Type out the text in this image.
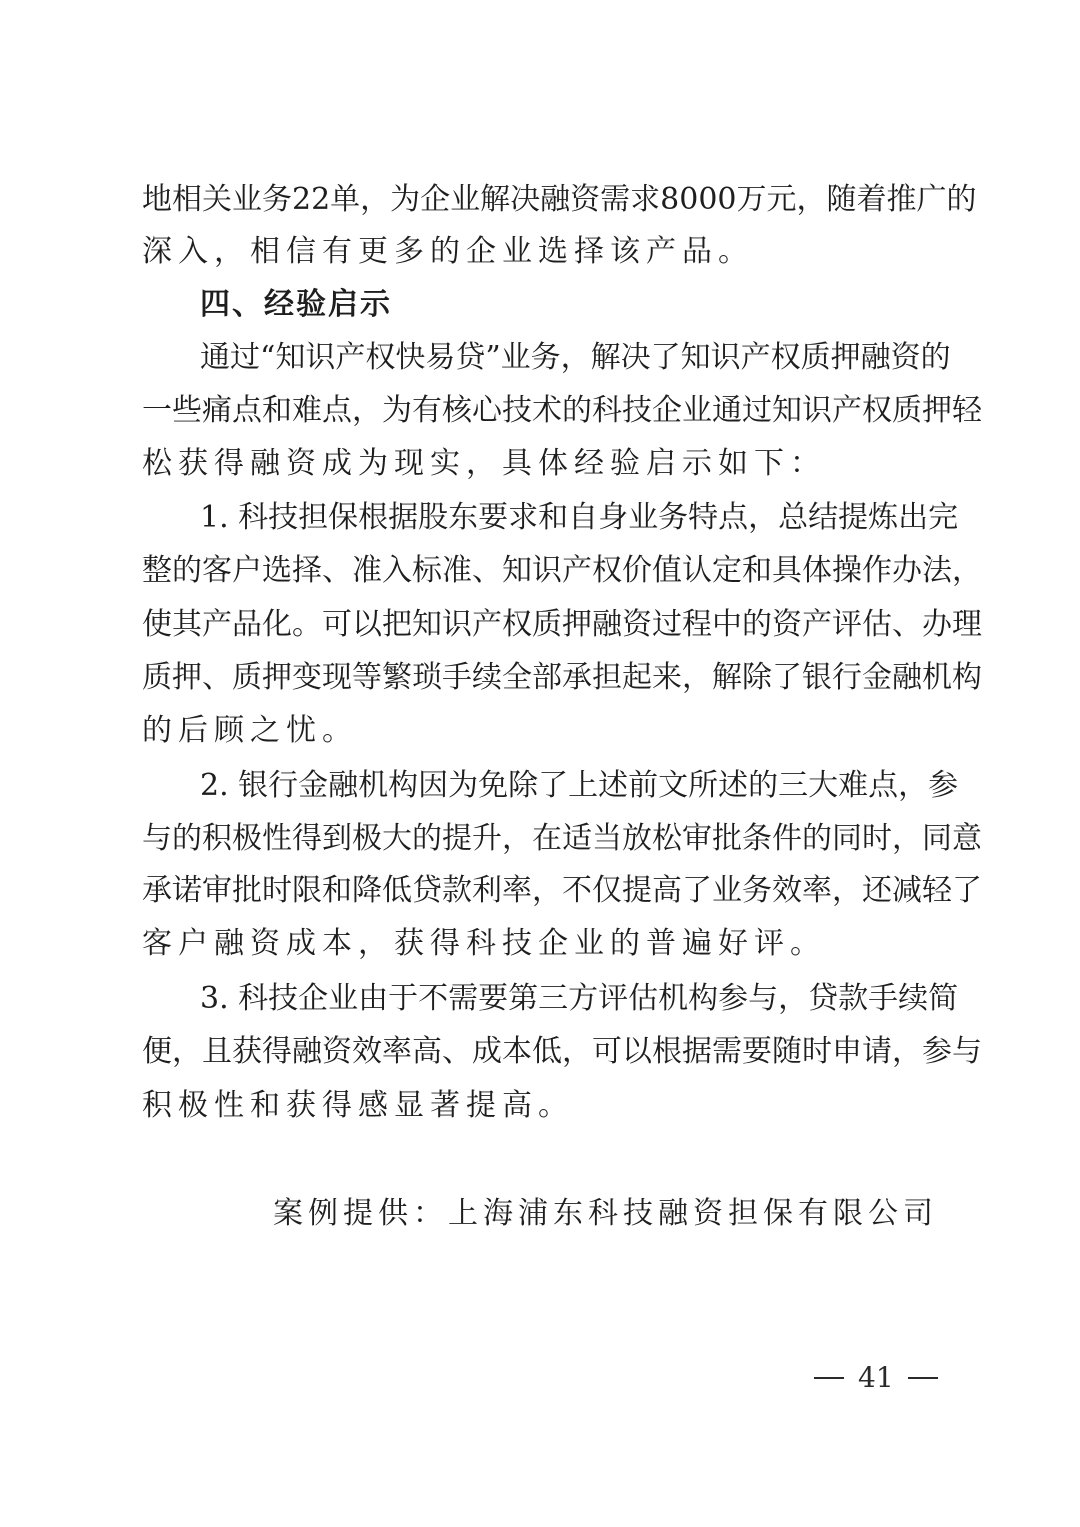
地相关业务22单，为企业解决融资需求8000万元，随着推广的
深入，相信有更多的企业选择该产品。
四、经验启示
通过“知识产权快易贷”业务，解决了知识产权质押融资的
一些痛点和难点，为有核心技术的科技企业通过知识产权质押轻
松获得融资成为现实，具体经验启示如下：
1. 科技担保根据股东要求和自身业务特点，总结提炼出完
整的客户选择、准入标准、知识产权价值认定和具体操作办法，
使其产品化。可以把知识产权质押融资过程中的资产评估、办理
质押、质押变现等繁琐手续全部承担起来，解除了银行金融机构
的后顾之忧。
2. 银行金融机构因为免除了上述前文所述的三大难点，参
与的积极性得到极大的提升，在适当放松审批条件的同时，同意
承诺审批时限和降低贷款利率，不仅提高了业务效率，还减轻了
客户融资成本，获得科技企业的普遍好评。
3. 科技企业由于不需要第三方评估机构参与，贷款手续简
便，且获得融资效率高、成本低，可以根据需要随时申请，参与
积极性和获得感显著提高。
案例提供：上海浦东科技融资担保有限公司
41
